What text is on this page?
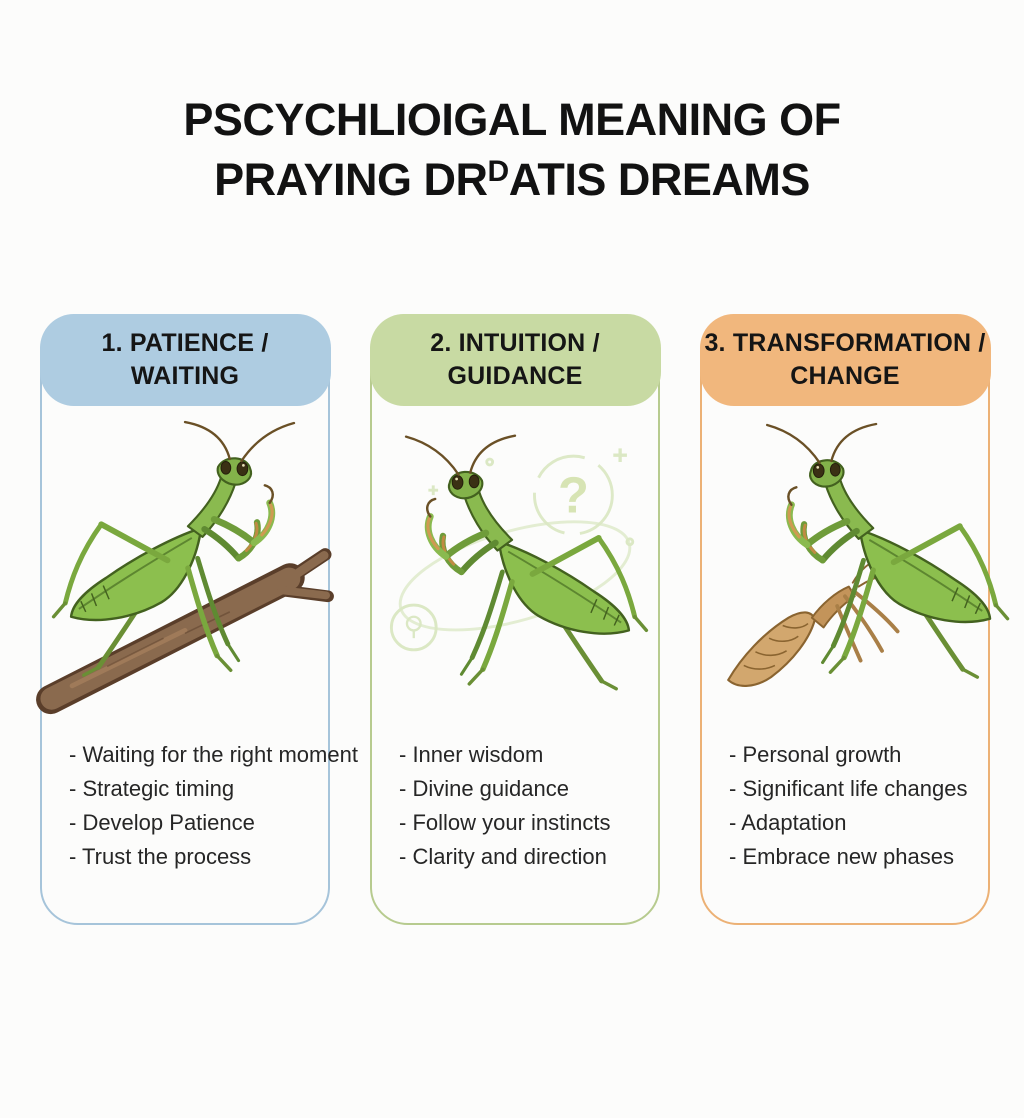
PSCYCHLIOIGAL MEANING OF
PRAYING DRDATIS DREAMS
1. PATIENCE /
WAITING
- Waiting for the right moment
- Strategic timing
- Develop Patience
- Trust the process
2. INTUITION /
GUIDANCE
?
- Inner wisdom
- Divine guidance
- Follow your instincts
- Clarity and direction
3. TRANSFORMATION /
CHANGE
- Personal growth
- Significant life changes
- Adaptation
- Embrace new phases
